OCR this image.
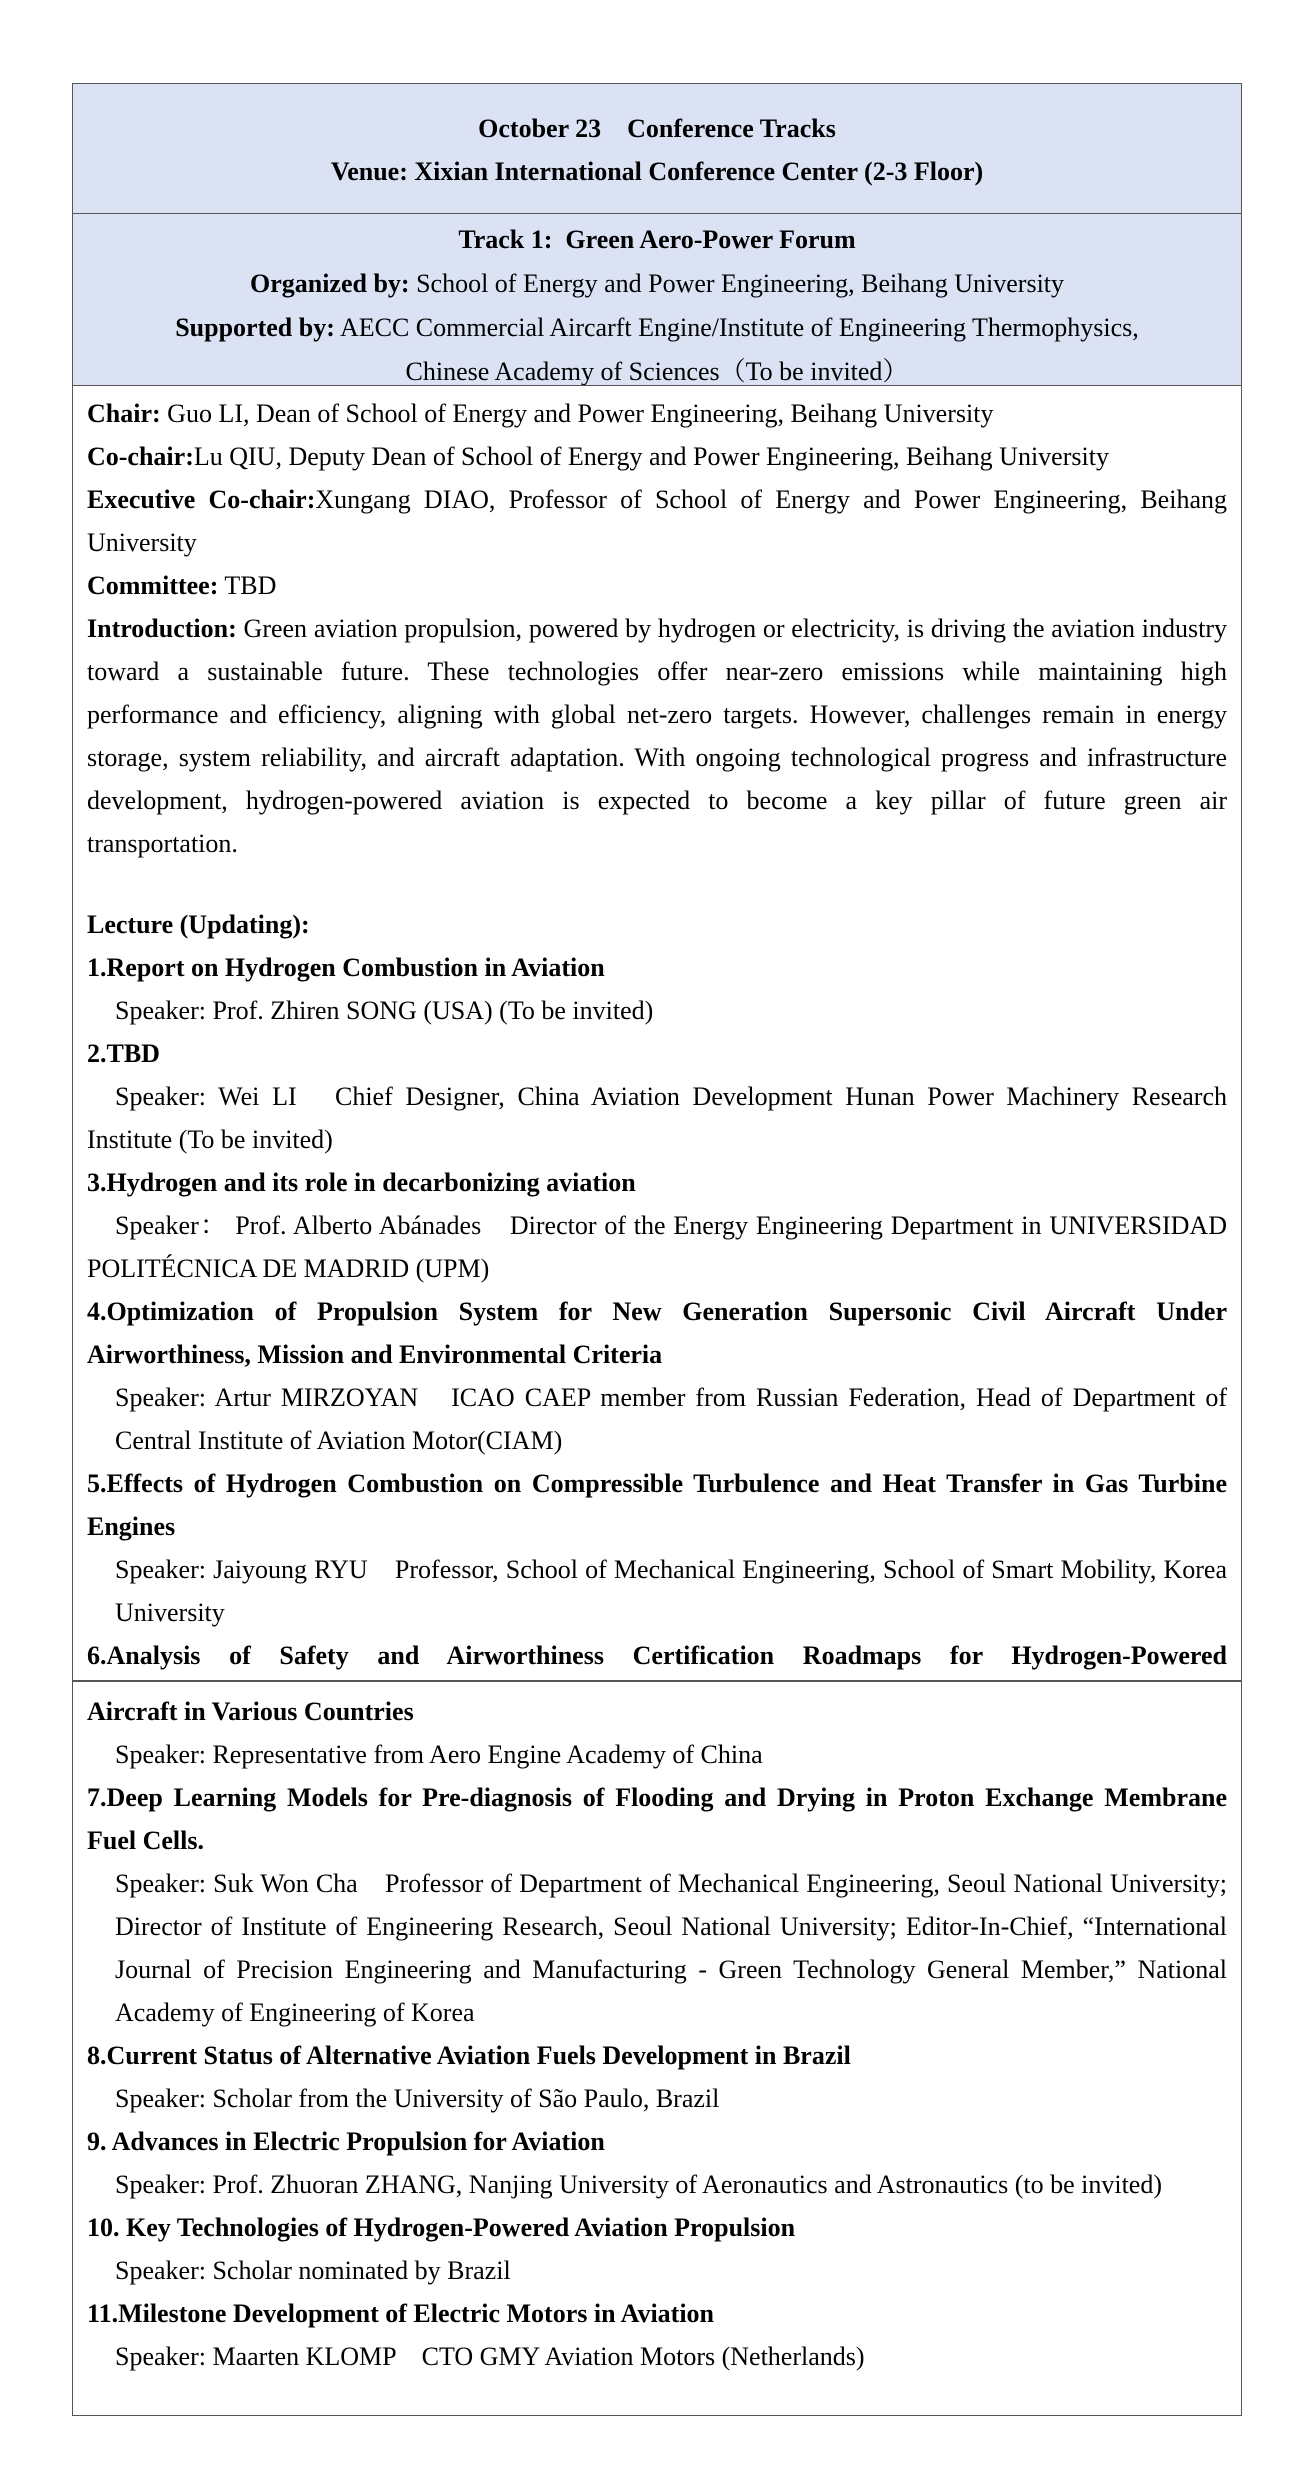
October 23　Conference Tracks
Venue: Xixian International Conference Center (2-3 Floor)
Track 1:  Green Aero-Power Forum
Organized by: School of Energy and Power Engineering, Beihang University
Supported by: AECC Commercial Aircarft Engine/Institute of Engineering Thermophysics,
Chinese Academy of Sciences（To be invited）

Chair: Guo LI, Dean of School of Energy and Power Engineering, Beihang University

Co-chair:Lu QIU, Deputy Dean of School of Energy and Power Engineering, Beihang University

Executive Co-chair:Xungang DIAO, Professor of School of Energy and Power Engineering, Beihang University

Committee: TBD

Introduction: Green aviation propulsion, powered by hydrogen or electricity, is driving the aviation industry toward a sustainable future. These technologies offer near-zero emissions while maintaining high performance and efficiency, aligning with global net-zero targets. However, challenges remain in energy storage, system reliability, and aircraft adaptation. With ongoing technological progress and infrastructure development, hydrogen-powered aviation is expected to become a key pillar of future green air transportation.

Lecture (Updating):

1.Report on Hydrogen Combustion in Aviation

Speaker: Prof. Zhiren SONG (USA) (To be invited)

2.TBD

Speaker: Wei LI　Chief Designer, China Aviation Development Hunan Power Machinery Research Institute (To be invited)

3.Hydrogen and its role in decarbonizing aviation

Speaker： Prof. Alberto Abánades　Director of the Energy Engineering Department in UNIVERSIDAD POLITÉCNICA DE MADRID (UPM)

4.Optimization of Propulsion System for New Generation Supersonic Civil Aircraft Under Airworthiness, Mission and Environmental Criteria

Speaker: Artur MIRZOYAN　ICAO CAEP member from Russian Federation, Head of Department of Central Institute of Aviation Motor(CIAM)

5.Effects of Hydrogen Combustion on Compressible Turbulence and Heat Transfer in Gas Turbine Engines

Speaker: Jaiyoung RYU　Professor, School of Mechanical Engineering, School of Smart Mobility, Korea University

6.Analysis of Safety and Airworthiness Certification Roadmaps for Hydrogen-Powered

Aircraft in Various Countries

Speaker: Representative from Aero Engine Academy of China

7.Deep Learning Models for Pre-diagnosis of Flooding and Drying in Proton Exchange Membrane Fuel Cells.

Speaker: Suk Won Cha　Professor of Department of Mechanical Engineering, Seoul National University; Director of Institute of Engineering Research, Seoul National University; Editor-In-Chief, “International Journal of Precision Engineering and Manufacturing - Green Technology General Member,” National Academy of Engineering of Korea

8.Current Status of Alternative Aviation Fuels Development in Brazil

Speaker: Scholar from the University of São Paulo, Brazil

9. Advances in Electric Propulsion for Aviation

Speaker: Prof. Zhuoran ZHANG, Nanjing University of Aeronautics and Astronautics (to be invited)

10. Key Technologies of Hydrogen-Powered Aviation Propulsion

Speaker: Scholar nominated by Brazil

11.Milestone Development of Electric Motors in Aviation

Speaker: Maarten KLOMP　CTO GMY Aviation Motors (Netherlands)
